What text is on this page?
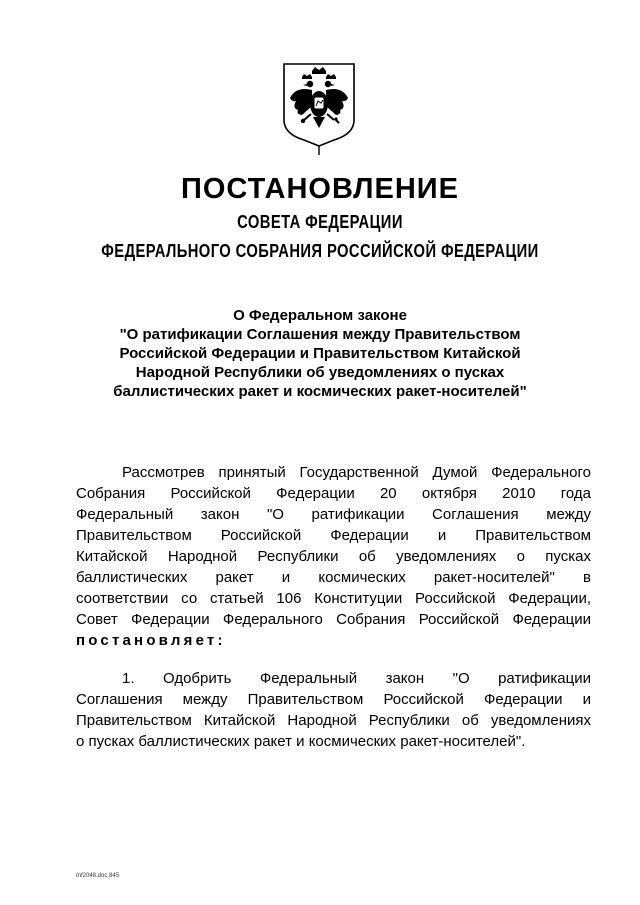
ПОСТАНОВЛЕНИЕ
СОВЕТА ФЕДЕРАЦИИ
ФЕДЕРАЛЬНОГО СОБРАНИЯ РОССИЙСКОЙ ФЕДЕРАЦИИ
О Федеральном законе
"О ратификации Соглашения между Правительством
Российской Федерации и Правительством Китайской
Народной Республики об уведомлениях о пусках
баллистических ракет и космических ракет-носителей"
Рассмотрев принятый Государственной Думой Федерального
Собрания Российской Федерации 20 октября 2010 года
Федеральный закон "О ратификации Соглашения между
Правительством Российской Федерации и Правительством
Китайской Народной Республики об уведомлениях о пусках
баллистических ракет и космических ракет-носителей" в
соответствии со статьей 106 Конституции Российской Федерации,
Совет Федерации Федерального Собрания Российской Федерации
постановляет:
1. Одобрить Федеральный закон "О ратификации
Соглашения между Правительством Российской Федерации и
Правительством Китайской Народной Республики об уведомлениях
о пусках баллистических ракет и космических ракет-носителей".
mf2048.doc 845
